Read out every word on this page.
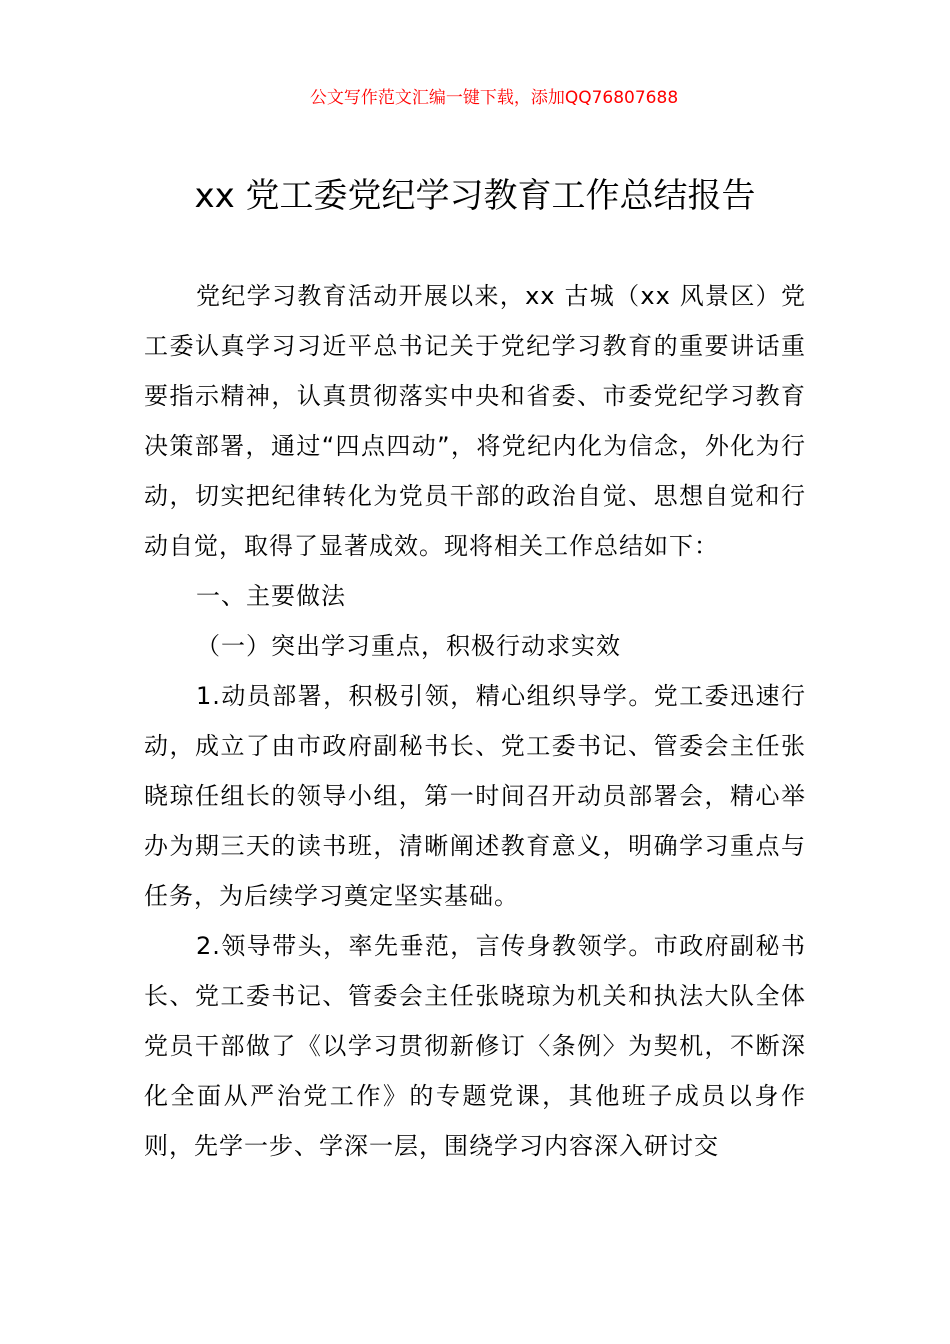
公文写作范文汇编一键下载，添加QQ76807688
xx 党工委党纪学习教育工作总结报告

党纪学习教育活动开展以来，xx 古城（xx 风景区）党工委认真学习习近平总书记关于党纪学习教育的重要讲话重要指示精神，认真贯彻落实中央和省委、市委党纪学习教育决策部署，通过“四点四动”，将党纪内化为信念，外化为行动，切实把纪律转化为党员干部的政治自觉、思想自觉和行动自觉，取得了显著成效。现将相关工作总结如下：

一、主要做法

（一）突出学习重点，积极行动求实效

1.动员部署，积极引领，精心组织导学。党工委迅速行动，成立了由市政府副秘书长、党工委书记、管委会主任张晓琼任组长的领导小组，第一时间召开动员部署会，精心举办为期三天的读书班，清晰阐述教育意义，明确学习重点与任务，为后续学习奠定坚实基础。

2.领导带头，率先垂范，言传身教领学。市政府副秘书长、党工委书记、管委会主任张晓琼为机关和执法大队全体党员干部做了《以学习贯彻新修订〈条例〉为契机，不断深化全面从严治党工作》的专题党课，其他班子成员以身作则，先学一步、学深一层，围绕学习内容深入研讨交
